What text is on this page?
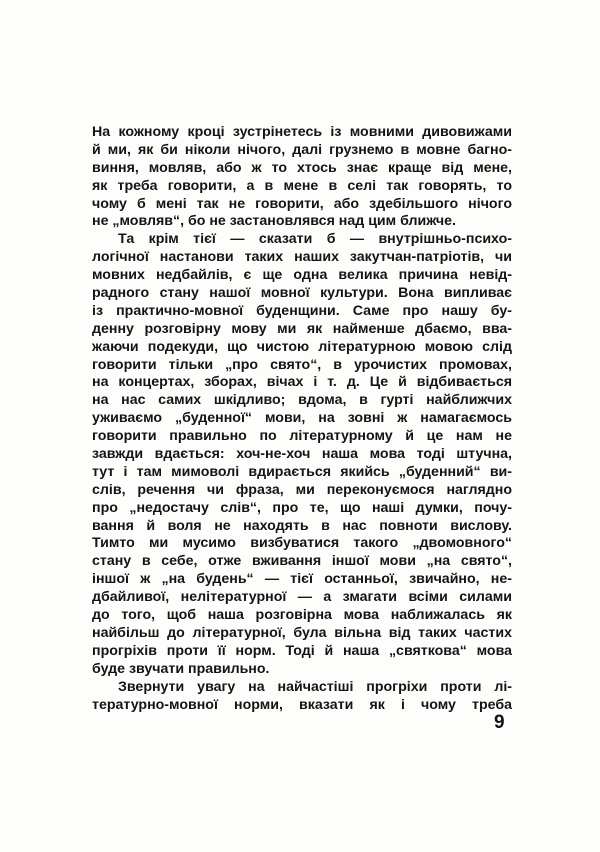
На кожному кроці зустрінетесь із мовними дивовижами
й ми, як би ніколи нічого, далі грузнемо в мовне багно-
виння, мовляв, або ж то хтось знає краще від мене,
як треба говорити, а в мене в селі так говорять, то
чому б мені так не говорити, або здебільшого нічого
не „мовляв“, бо не застановлявся над цим ближче.
Та крім тієї — сказати б — внутрішньо-психо-
логічної настанови таких наших закутчан-патріотів, чи
мовних недбайлів, є ще одна велика причина невід-
радного стану нашої мовної культури. Вона випливає
із практично-мовної буденщини. Саме про нашу бу-
денну розговірну мову ми як найменше дбаємо, вва-
жаючи подекуди, що чистою літературною мовою слід
говорити тільки „про свято“, в урочистих промовах,
на концертах, зборах, вічах і т. д. Це й відбивається
на нас самих шкідливо; вдома, в гурті найближчих
уживаємо „буденної“ мови, на зовні ж намагаємось
говорити правильно по літературному й це нам не
завжди вдається: хоч-не-хоч наша мова тоді штучна,
тут і там мимоволі вдирається якийсь „буденний“ ви-
слів, речення чи фраза, ми переконуємося наглядно
про „недостачу слів“, про те, що наші думки, почу-
вання й воля не находять в нас повноти вислову.
Тимто ми мусимо визбуватися такого „двомовного“
стану в себе, отже вживання іншої мови „на свято“,
іншої ж „на будень“ — тієї останньої, звичайно, не-
дбайливої, нелітературної — а змагати всіми силами
до того, щоб наша розговірна мова наближалась як
найбільш до літературної, була вільна від таких частих
прогріхів проти її норм. Тоді й наша „святкова“ мова
буде звучати правильно.
Звернути увагу на найчастіші прогріхи проти лі-
тературно-мовної норми, вказати як і чому треба
9
